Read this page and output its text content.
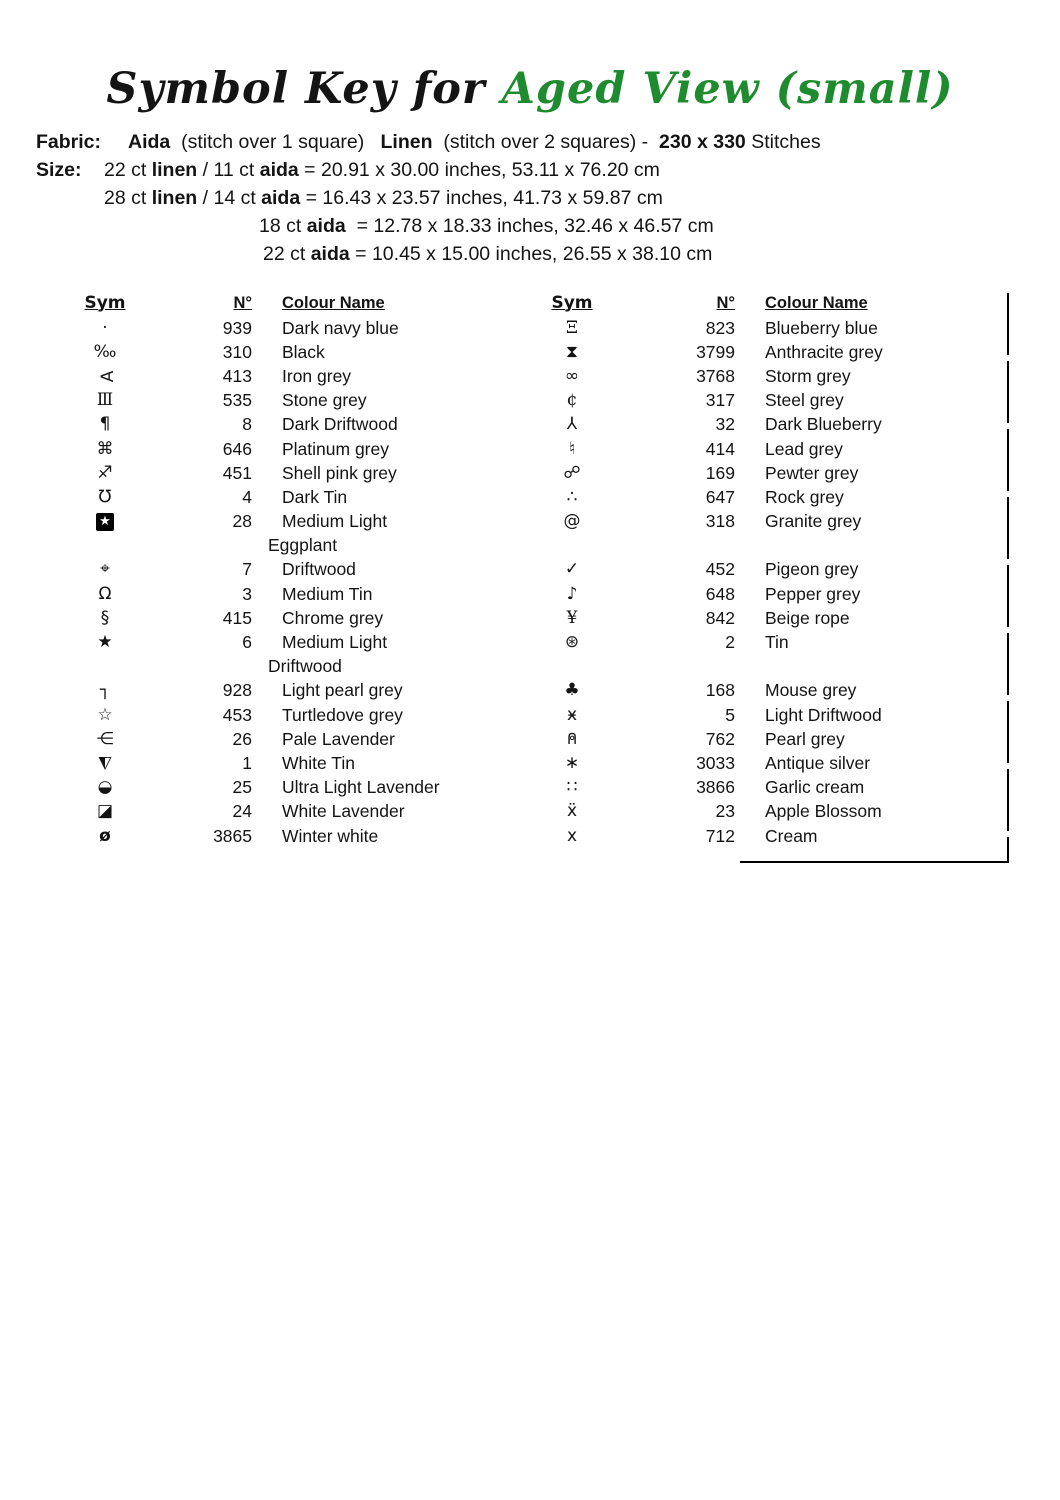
Symbol Key for Aged View (small)
Fabric:	Aida  (stitch over 1 square)   Linen  (stitch over 2 squares) -  230 x 330 Stitches
Size:	22 ct linen / 11 ct aida = 20.91 x 30.00 inches, 53.11 x 76.20 cm
28 ct linen / 14 ct aida = 16.43 x 23.57 inches, 41.73 x 59.87 cm
18 ct aida  = 12.78 x 18.33 inches, 32.46 x 46.57 cm
22 ct aida = 10.45 x 15.00 inches, 26.55 x 38.10 cm
Sym	N°	Colour Name
·	939	Dark navy blue
‰	310	Black
∀	413	Iron grey
Ⅲ	535	Stone grey
¶	8	Dark Driftwood
⌘	646	Platinum grey
♐	451	Shell pink grey
℧	4	Dark Tin
★	28	Medium Light
Eggplant
⌖	7	Driftwood
Ω	3	Medium Tin
§	415	Chrome grey
★	6	Medium Light
Driftwood
┐	928	Light pearl grey
☆	453	Turtledove grey
⋲	26	Pale Lavender
◭	1	White Tin
◒	25	Ultra Light Lavender
◪	24	White Lavender
ø	3865	Winter white
Sym	N°	Colour Name
Ξ	823	Blueberry blue
⧗	3799	Anthracite grey
∞	3768	Storm grey
¢	317	Steel grey
⅄	32	Dark Blueberry
♮	414	Lead grey
☍	169	Pewter grey
∴	647	Rock grey
@	318	Granite grey
✓	452	Pigeon grey
♪	648	Pepper grey
¥	842	Beige rope
⊛	2	Tin
♣	168	Mouse grey
ӿ	5	Light Driftwood
⍝	762	Pearl grey
∗	3033	Antique silver
∷	3866	Garlic cream
ẍ	23	Apple Blossom
x	712	Cream
